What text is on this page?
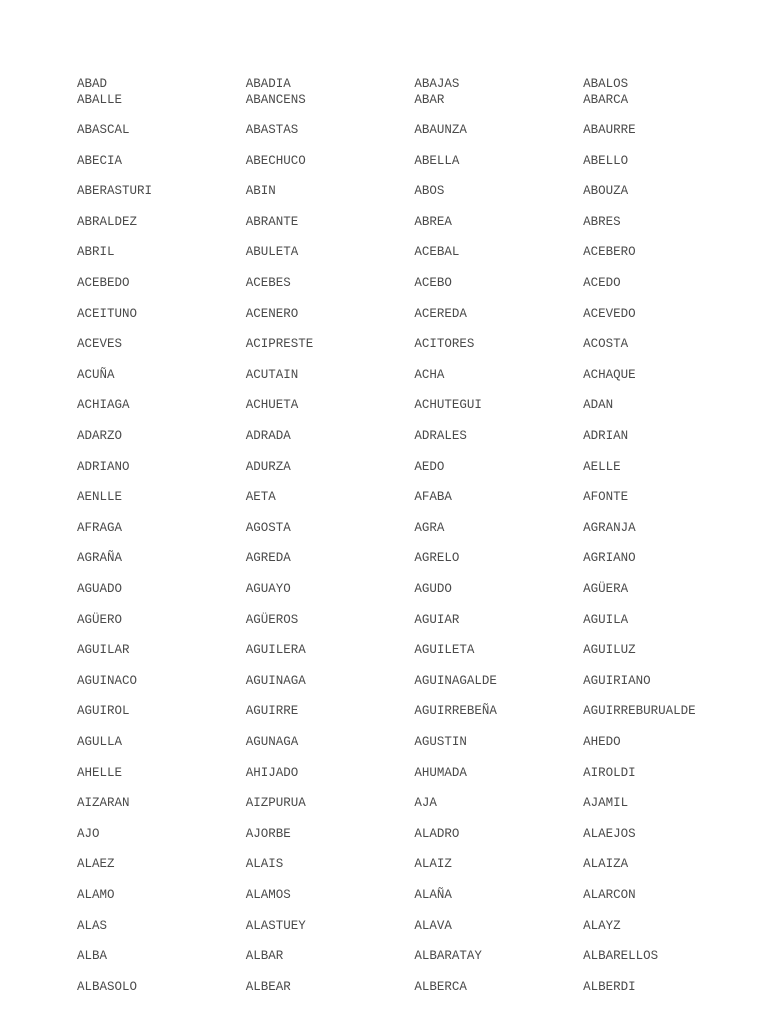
ABAD	ABADIA	ABAJAS	ABALOS
ABALLE	ABANCENS	ABAR	ABARCA
ABASCAL	ABASTAS	ABAUNZA	ABAURRE
ABECIA	ABECHUCO	ABELLA	ABELLO
ABERASTURI	ABIN	ABOS	ABOUZA
ABRALDEZ	ABRANTE	ABREA	ABRES
ABRIL	ABULETA	ACEBAL	ACEBERO
ACEBEDO	ACEBES	ACEBO	ACEDO
ACEITUNO	ACENERO	ACEREDA	ACEVEDO
ACEVES	ACIPRESTE	ACITORES	ACOSTA
ACUÑA	ACUTAIN	ACHA	ACHAQUE
ACHIAGA	ACHUETA	ACHUTEGUI	ADAN
ADARZO	ADRADA	ADRALES	ADRIAN
ADRIANO	ADURZA	AEDO	AELLE
AENLLE	AETA	AFABA	AFONTE
AFRAGA	AGOSTA	AGRA	AGRANJA
AGRAÑA	AGREDA	AGRELO	AGRIANO
AGUADO	AGUAYO	AGUDO	AGÜERA
AGÜERO	AGÜEROS	AGUIAR	AGUILA
AGUILAR	AGUILERA	AGUILETA	AGUILUZ
AGUINACO	AGUINAGA	AGUINAGALDE	AGUIRIANO
AGUIROL	AGUIRRE	AGUIRREBEÑA	AGUIRREBURUALDE
AGULLA	AGUNAGA	AGUSTIN	AHEDO
AHELLE	AHIJADO	AHUMADA	AIROLDI
AIZARAN	AIZPURUA	AJA	AJAMIL
AJO	AJORBE	ALADRO	ALAEJOS
ALAEZ	ALAIS	ALAIZ	ALAIZA
ALAMO	ALAMOS	ALAÑA	ALARCON
ALAS	ALASTUEY	ALAVA	ALAYZ
ALBA	ALBAR	ALBARATAY	ALBARELLOS
ALBASOLO	ALBEAR	ALBERCA	ALBERDI
